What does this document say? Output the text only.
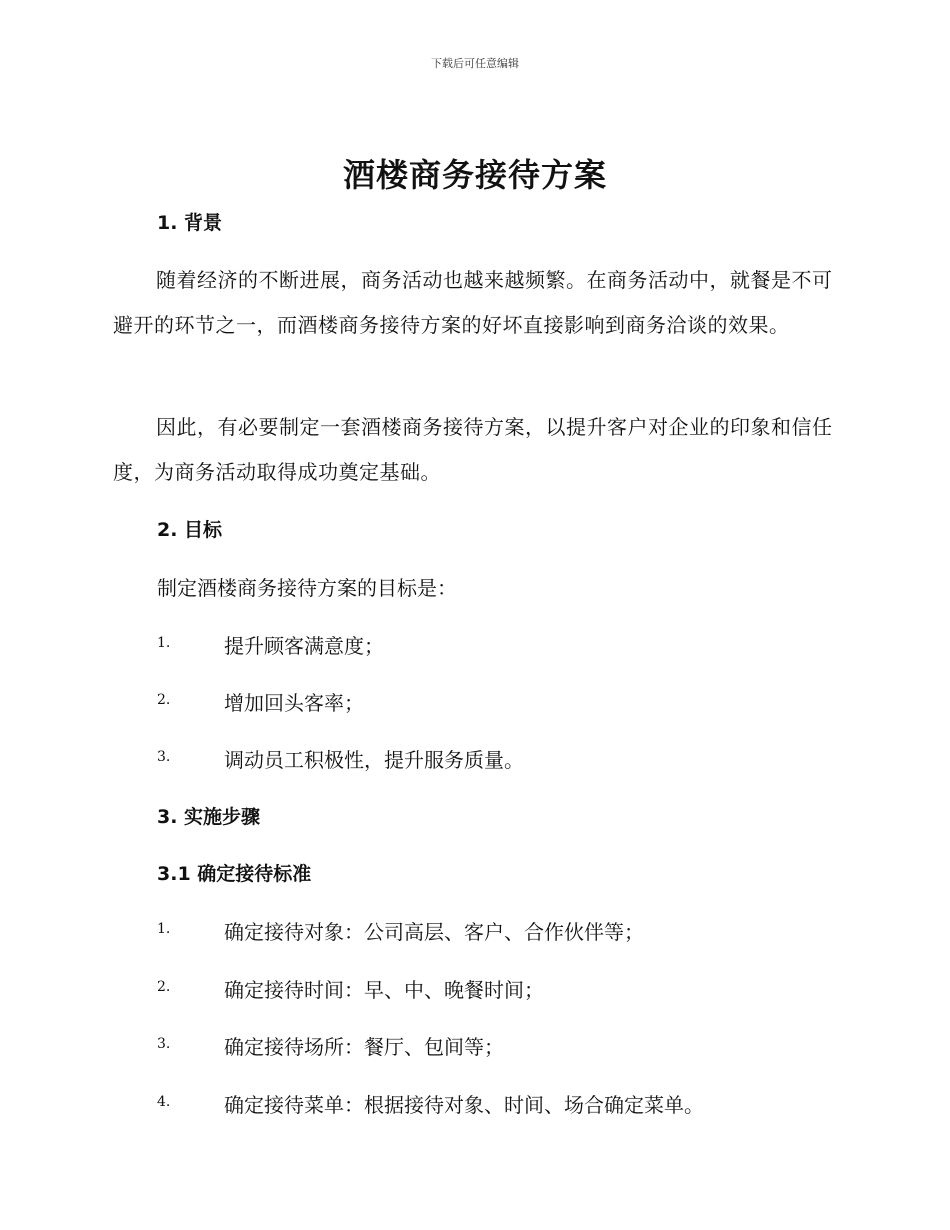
下载后可任意编辑
酒楼商务接待方案
1. 背景
随着经济的不断进展，商务活动也越来越频繁。在商务活动中，就餐是不可避开的环节之一，而酒楼商务接待方案的好坏直接影响到商务洽谈的效果。
因此，有必要制定一套酒楼商务接待方案，以提升客户对企业的印象和信任度，为商务活动取得成功奠定基础。
2. 目标
制定酒楼商务接待方案的目标是：
1.	提升顾客满意度；
2.	增加回头客率；
3.	调动员工积极性，提升服务质量。
3. 实施步骤
3.1 确定接待标准
1.	确定接待对象：公司高层、客户、合作伙伴等；
2.	确定接待时间：早、中、晚餐时间；
3.	确定接待场所：餐厅、包间等；
4.	确定接待菜单：根据接待对象、时间、场合确定菜单。
